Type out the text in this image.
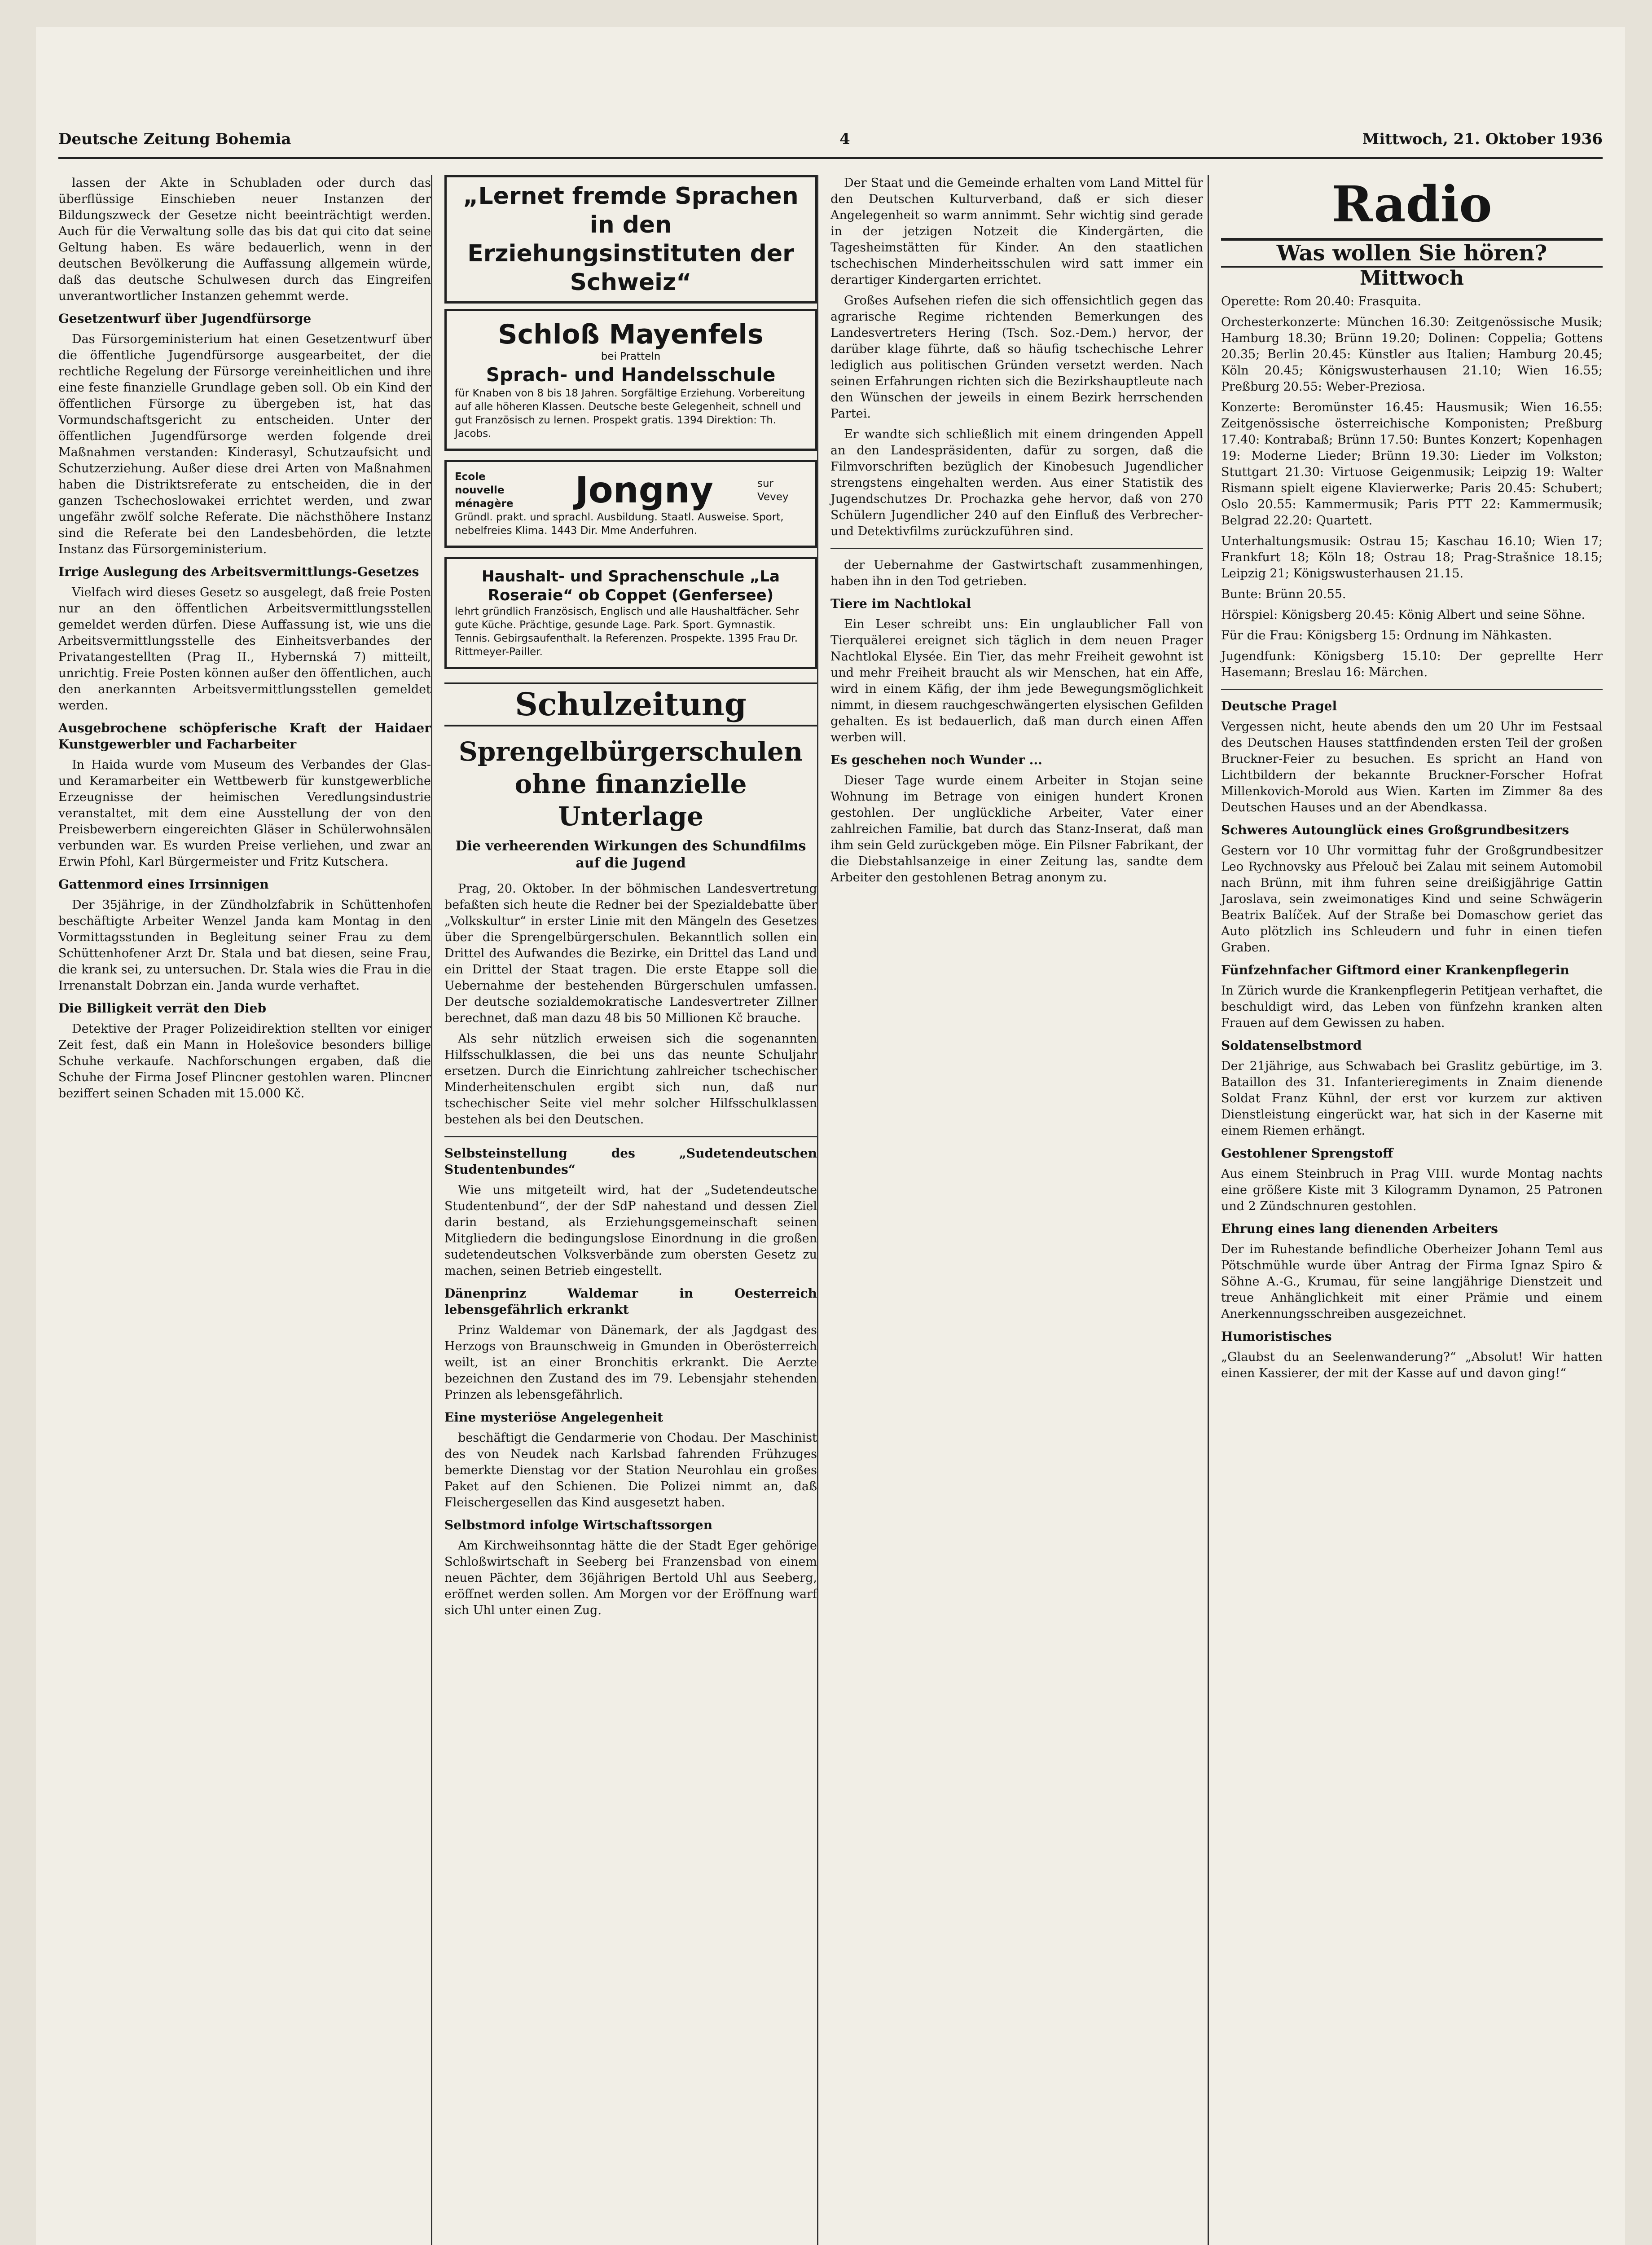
Deutsche Zeitung Bohemia	4	Mittwoch, 21. Oktober 1936

lassen der Akte in Schubladen oder durch das überflüssige Einschieben neuer Instanzen der Bildungszweck der Gesetze nicht beeinträchtigt werden. Auch für die Verwaltung solle das bis dat qui cito dat seine Geltung haben. Es wäre bedauerlich, wenn in der deutschen Bevölkerung die Auffassung allgemein würde, daß das deutsche Schulwesen durch das Eingreifen unverantwortlicher Instanzen gehemmt werde.

Gesetzentwurf über Jugendfürsorge

Das Fürsorgeministerium hat einen Gesetzentwurf über die öffentliche Jugendfürsorge ausgearbeitet, der die rechtliche Regelung der Fürsorge vereinheitlichen und ihre eine feste finanzielle Grundlage geben soll. Ob ein Kind der öffentlichen Fürsorge zu übergeben ist, hat das Vormundschaftsgericht zu entscheiden. Unter der öffentlichen Jugendfürsorge werden folgende drei Maßnahmen verstanden: Kinderasyl, Schutzaufsicht und Schutzerziehung. Außer diese drei Arten von Maßnahmen haben die Distriktsreferate zu entscheiden, die in der ganzen Tschechoslowakei errichtet werden, und zwar ungefähr zwölf solche Referate. Die nächsthöhere Instanz sind die Referate bei den Landesbehörden, die letzte Instanz das Fürsorgeministerium.

Irrige Auslegung des Arbeitsvermittlungs-Gesetzes

Vielfach wird dieses Gesetz so ausgelegt, daß freie Posten nur an den öffentlichen Arbeitsvermittlungsstellen gemeldet werden dürfen. Diese Auffassung ist, wie uns die Arbeitsvermittlungsstelle des Einheitsverbandes der Privatangestellten (Prag II., Hybernská 7) mitteilt, unrichtig. Freie Posten können außer den öffentlichen, auch den anerkannten Arbeitsvermittlungsstellen gemeldet werden.

Ausgebrochene schöpferische Kraft der Haidaer Kunstgewerbler und Facharbeiter

In Haida wurde vom Museum des Verbandes der Glas- und Keramarbeiter ein Wettbewerb für kunstgewerbliche Erzeugnisse der heimischen Veredlungsindustrie veranstaltet, mit dem eine Ausstellung der von den Preisbewerbern eingereichten Gläser in Schülerwohnsälen verbunden war. Es wurden Preise verliehen, und zwar an Erwin Pfohl, Karl Bürgermeister und Fritz Kutschera.

Gattenmord eines Irrsinnigen

Der 35jährige, in der Zündholzfabrik in Schüttenhofen beschäftigte Arbeiter Wenzel Janda kam Montag in den Vormittagsstunden in Begleitung seiner Frau zu dem Schüttenhofener Arzt Dr. Stala und bat diesen, seine Frau, die krank sei, zu untersuchen. Dr. Stala wies die Frau in die Irrenanstalt Dobrzan ein. Janda wurde verhaftet.

Die Billigkeit verrät den Dieb

Detektive der Prager Polizeidirektion stellten vor einiger Zeit fest, daß ein Mann in Holešovice besonders billige Schuhe verkaufe. Nachforschungen ergaben, daß die Schuhe der Firma Josef Plincner gestohlen waren. Plincner beziffert seinen Schaden mit 15.000 Kč.

„Lernet fremde Sprachen in den Erziehungsinstituten der Schweiz“
Schloß Mayenfels
bei Pratteln
Sprach- und Handelsschule
für Knaben von 8 bis 18 Jahren. Sorgfältige Erziehung. Vorbereitung auf alle höheren Klassen. Deutsche beste Gelegenheit, schnell und gut Französisch zu lernen. Prospekt gratis. 1394 Direktion: Th. Jacobs.
Ecole nouvelle ménagère	Jongny	sur Vevey
Gründl. prakt. und sprachl. Ausbildung. Staatl. Ausweise. Sport, nebelfreies Klima. 1443 Dir. Mme Anderfuhren.
Haushalt- und Sprachenschule „La Roseraie“ ob Coppet (Genfersee)
lehrt gründlich Französisch, Englisch und alle Haushaltfächer. Sehr gute Küche. Prächtige, gesunde Lage. Park. Sport. Gymnastik. Tennis. Gebirgsaufenthalt. la Referenzen. Prospekte. 1395 Frau Dr. Rittmeyer-Pailler.
Schulzeitung
Sprengelbürgerschulen ohne finanzielle Unterlage
Die verheerenden Wirkungen des Schundfilms auf die Jugend

Prag, 20. Oktober. In der böhmischen Landesvertretung befaßten sich heute die Redner bei der Spezialdebatte über „Volkskultur“ in erster Linie mit den Mängeln des Gesetzes über die Sprengelbürgerschulen. Bekanntlich sollen ein Drittel des Aufwandes die Bezirke, ein Drittel das Land und ein Drittel der Staat tragen. Die erste Etappe soll die Uebernahme der bestehenden Bürgerschulen umfassen. Der deutsche sozialdemokratische Landesvertreter Zillner berechnet, daß man dazu 48 bis 50 Millionen Kč brauche.

Als sehr nützlich erweisen sich die sogenannten Hilfsschulklassen, die bei uns das neunte Schuljahr ersetzen. Durch die Einrichtung zahlreicher tschechischer Minderheitenschulen ergibt sich nun, daß nur tschechischer Seite viel mehr solcher Hilfsschulklassen bestehen als bei den Deutschen.

Selbsteinstellung des „Sudetendeutschen Studentenbundes“

Wie uns mitgeteilt wird, hat der „Sudetendeutsche Studentenbund“, der der SdP nahestand und dessen Ziel darin bestand, als Erziehungsgemeinschaft seinen Mitgliedern die bedingungslose Einordnung in die großen sudetendeutschen Volksverbände zum obersten Gesetz zu machen, seinen Betrieb eingestellt.

Dänenprinz Waldemar in Oesterreich lebensgefährlich erkrankt

Prinz Waldemar von Dänemark, der als Jagdgast des Herzogs von Braunschweig in Gmunden in Oberösterreich weilt, ist an einer Bronchitis erkrankt. Die Aerzte bezeichnen den Zustand des im 79. Lebensjahr stehenden Prinzen als lebensgefährlich.

Eine mysteriöse Angelegenheit

beschäftigt die Gendarmerie von Chodau. Der Maschinist des von Neudek nach Karlsbad fahrenden Frühzuges bemerkte Dienstag vor der Station Neurohlau ein großes Paket auf den Schienen. Die Polizei nimmt an, daß Fleischergesellen das Kind ausgesetzt haben.

Selbstmord infolge Wirtschaftssorgen

Am Kirchweihsonntag hätte die der Stadt Eger gehörige Schloßwirtschaft in Seeberg bei Franzensbad von einem neuen Pächter, dem 36jährigen Bertold Uhl aus Seeberg, eröffnet werden sollen. Am Morgen vor der Eröffnung warf sich Uhl unter einen Zug.

Der Staat und die Gemeinde erhalten vom Land Mittel für den Deutschen Kulturverband, daß er sich dieser Angelegenheit so warm annimmt. Sehr wichtig sind gerade in der jetzigen Notzeit die Kindergärten, die Tagesheimstätten für Kinder. An den staatlichen tschechischen Minderheitsschulen wird satt immer ein derartiger Kindergarten errichtet.

Großes Aufsehen riefen die sich offensichtlich gegen das agrarische Regime richtenden Bemerkungen des Landesvertreters Hering (Tsch. Soz.-Dem.) hervor, der darüber klage führte, daß so häufig tschechische Lehrer lediglich aus politischen Gründen versetzt werden. Nach seinen Erfahrungen richten sich die Bezirkshauptleute nach den Wünschen der jeweils in einem Bezirk herrschenden Partei.

Er wandte sich schließlich mit einem dringenden Appell an den Landespräsidenten, dafür zu sorgen, daß die Filmvorschriften bezüglich der Kinobesuch Jugendlicher strengstens eingehalten werden. Aus einer Statistik des Jugendschutzes Dr. Prochazka gehe hervor, daß von 270 Schülern Jugendlicher 240 auf den Einfluß des Verbrecher- und Detektivfilms zurückzuführen sind.

der Uebernahme der Gastwirtschaft zusammenhingen, haben ihn in den Tod getrieben.

Tiere im Nachtlokal

Ein Leser schreibt uns: Ein unglaublicher Fall von Tierquälerei ereignet sich täglich in dem neuen Prager Nachtlokal Elysée. Ein Tier, das mehr Freiheit gewohnt ist und mehr Freiheit braucht als wir Menschen, hat ein Affe, wird in einem Käfig, der ihm jede Bewegungsmöglichkeit nimmt, in diesem rauchgeschwängerten elysischen Gefilden gehalten. Es ist bedauerlich, daß man durch einen Affen werben will.

Es geschehen noch Wunder ...

Dieser Tage wurde einem Arbeiter in Stojan seine Wohnung im Betrage von einigen hundert Kronen gestohlen. Der unglückliche Arbeiter, Vater einer zahlreichen Familie, bat durch das Stanz-Inserat, daß man ihm sein Geld zurückgeben möge. Ein Pilsner Fabrikant, der die Diebstahlsanzeige in einer Zeitung las, sandte dem Arbeiter den gestohlenen Betrag anonym zu.

Radio
Was wollen Sie hören?
Mittwoch

Operette: Rom 20.40: Frasquita.

Orchesterkonzerte: München 16.30: Zeitgenössische Musik; Hamburg 18.30; Brünn 19.20; Dolinen: Coppelia; Gottens 20.35; Berlin 20.45: Künstler aus Italien; Hamburg 20.45; Köln 20.45; Königswusterhausen 21.10; Wien 16.55; Preßburg 20.55: Weber-Preziosa.

Konzerte: Beromünster 16.45: Hausmusik; Wien 16.55: Zeitgenössische österreichische Komponisten; Preßburg 17.40: Kontrabaß; Brünn 17.50: Buntes Konzert; Kopenhagen 19: Moderne Lieder; Brünn 19.30: Lieder im Volkston; Stuttgart 21.30: Virtuose Geigenmusik; Leipzig 19: Walter Rismann spielt eigene Klavierwerke; Paris 20.45: Schubert; Oslo 20.55: Kammermusik; Paris PTT 22: Kammermusik; Belgrad 22.20: Quartett.

Unterhaltungsmusik: Ostrau 15; Kaschau 16.10; Wien 17; Frankfurt 18; Köln 18; Ostrau 18; Prag-Strašnice 18.15; Leipzig 21; Königswusterhausen 21.15.

Bunte: Brünn 20.55.

Hörspiel: Königsberg 20.45: König Albert und seine Söhne.

Für die Frau: Königsberg 15: Ordnung im Nähkasten.

Jugendfunk: Königsberg 15.10: Der geprellte Herr Hasemann; Breslau 16: Märchen.

Deutsche Pragel

Vergessen nicht, heute abends den um 20 Uhr im Festsaal des Deutschen Hauses stattfindenden ersten Teil der großen Bruckner-Feier zu besuchen. Es spricht an Hand von Lichtbildern der bekannte Bruckner-Forscher Hofrat Millenkovich-Morold aus Wien. Karten im Zimmer 8a des Deutschen Hauses und an der Abendkassa.

Schweres Autounglück eines Großgrundbesitzers

Gestern vor 10 Uhr vormittag fuhr der Großgrundbesitzer Leo Rychnovsky aus Přelouč bei Zalau mit seinem Automobil nach Brünn, mit ihm fuhren seine dreißigjährige Gattin Jaroslava, sein zweimonatiges Kind und seine Schwägerin Beatrix Balíček. Auf der Straße bei Domaschow geriet das Auto plötzlich ins Schleudern und fuhr in einen tiefen Graben.

Fünfzehnfacher Giftmord einer Krankenpflegerin

In Zürich wurde die Krankenpflegerin Petitjean verhaftet, die beschuldigt wird, das Leben von fünfzehn kranken alten Frauen auf dem Gewissen zu haben.

Soldatenselbstmord

Der 21jährige, aus Schwabach bei Graslitz gebürtige, im 3. Bataillon des 31. Infanterieregiments in Znaim dienende Soldat Franz Kühnl, der erst vor kurzem zur aktiven Dienstleistung eingerückt war, hat sich in der Kaserne mit einem Riemen erhängt.

Gestohlener Sprengstoff

Aus einem Steinbruch in Prag VIII. wurde Montag nachts eine größere Kiste mit 3 Kilogramm Dynamon, 25 Patronen und 2 Zündschnuren gestohlen.

Ehrung eines lang dienenden Arbeiters

Der im Ruhestande befindliche Oberheizer Johann Teml aus Pötschmühle wurde über Antrag der Firma Ignaz Spiro & Söhne A.-G., Krumau, für seine langjährige Dienstzeit und treue Anhänglichkeit mit einer Prämie und einem Anerkennungsschreiben ausgezeichnet.

Humoristisches

„Glaubst du an Seelenwanderung?“ „Absolut! Wir hatten einen Kassierer, der mit der Kasse auf und davon ging!“
